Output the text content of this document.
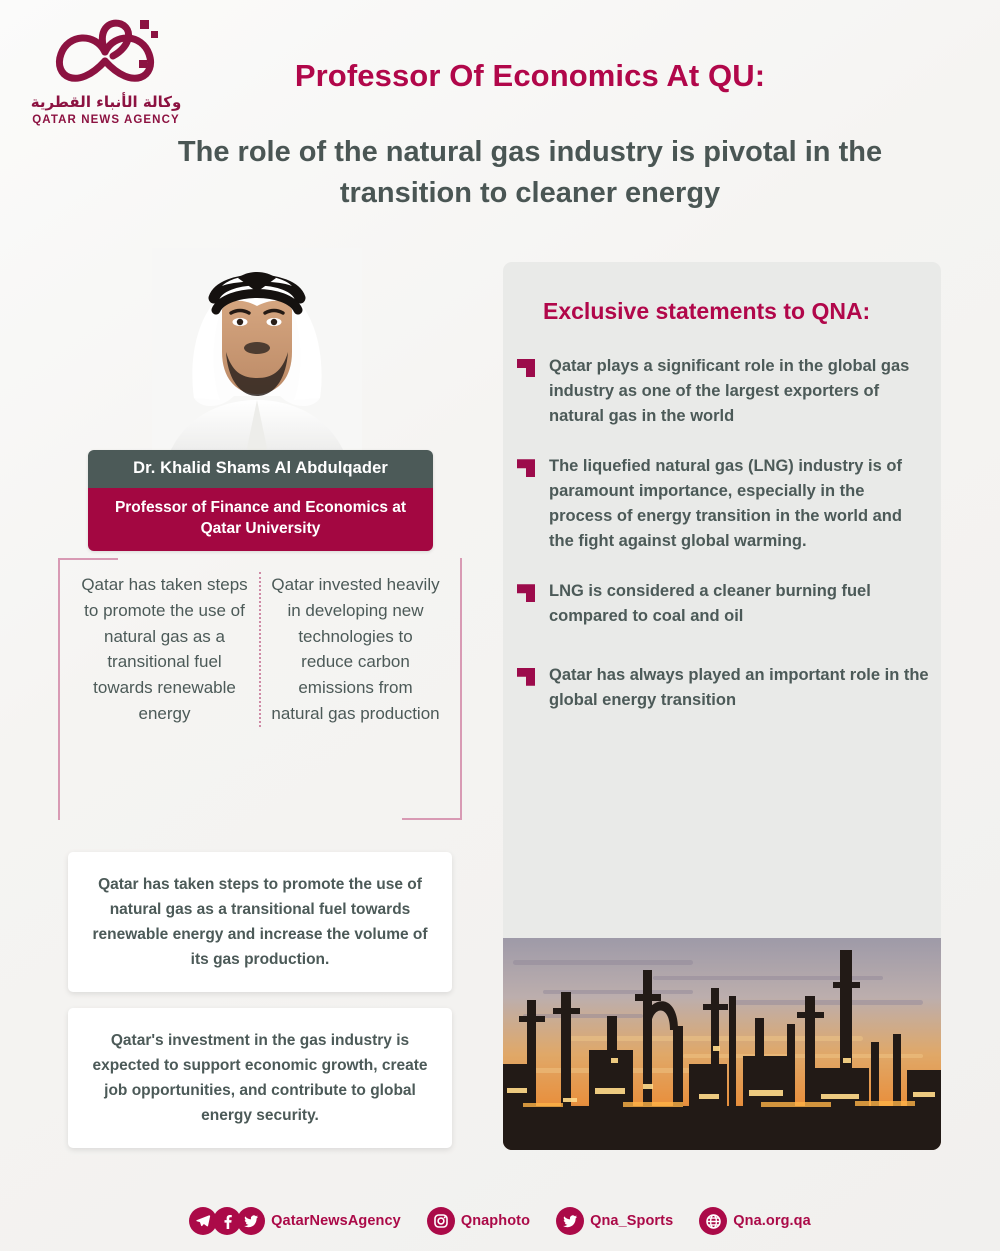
وكالة الأنباء القطرية
QATAR NEWS AGENCY
Professor Of Economics At QU:
The role of the natural gas industry is pivotal in the transition to cleaner energy
Dr. Khalid Shams Al Abdulqader
Professor of Finance and Economics at Qatar University
Qatar has taken steps to promote the use of natural gas as a transitional fuel towards renewable energy
Qatar invested heavily in developing new technologies to reduce carbon emissions from natural gas production
Qatar has taken steps to promote the use of natural gas as a transitional fuel towards renewable energy and increase the volume of its gas production.
Qatar's investment in the gas industry is expected to support economic growth, create job opportunities, and contribute to global energy security.
Exclusive statements to QNA:
Qatar plays a significant role in the global gas industry as one of the largest exporters of natural gas in the world
The liquefied natural gas (LNG) industry is of paramount importance, especially in the process of energy transition in the world and the fight against global warming.
LNG is considered a cleaner burning fuel compared to coal and oil
Qatar has always played an important role in the global energy transition
QatarNewsAgency	Qnaphoto	Qna_Sports	Qna.org.qa
